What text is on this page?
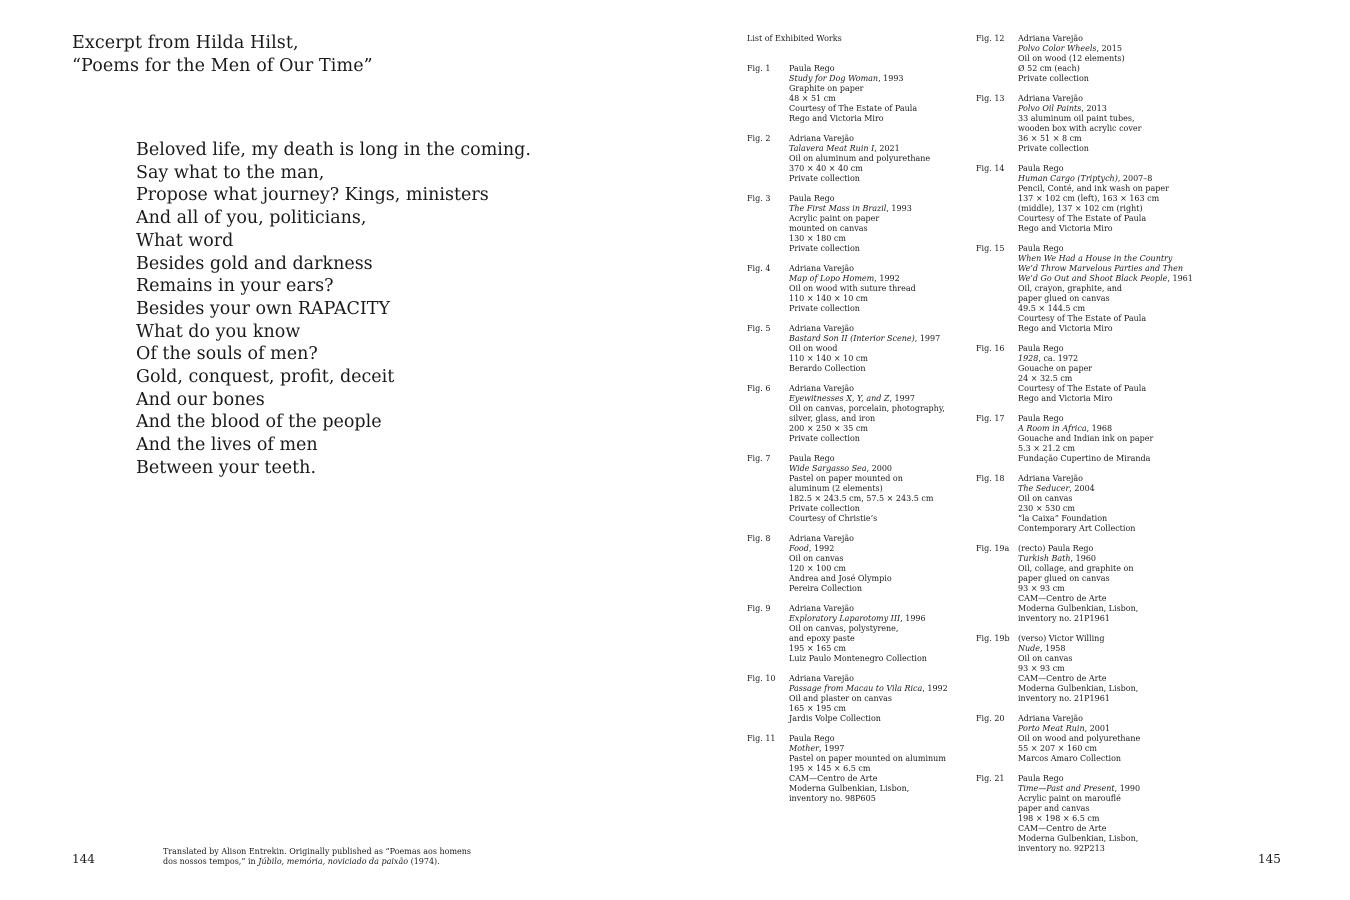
Excerpt from Hilda Hilst,
“Poems for the Men of Our Time”
Beloved life, my death is long in the coming.
Say what to the man,
Propose what journey? Kings, ministers
And all of you, politicians,
What word
Besides gold and darkness
Remains in your ears?
Besides your own RAPACITY
What do you know
Of the souls of men?
Gold, conquest, profit, deceit
And our bones
And the blood of the people
And the lives of men
Between your teeth.
144
Translated by Alison Entrekin. Originally published as “Poemas aos homens
dos nossos tempos,” in Júbilo, memória, noviciado da paixão (1974).
List of Exhibited Works
Fig. 1 Paula Rego
Study for Dog Woman, 1993
Graphite on paper
48 × 51 cm
Courtesy of The Estate of Paula
Rego and Victoria Miro
Fig. 2 Adriana Varejão
Talavera Meat Ruin I, 2021
Oil on aluminum and polyurethane
370 × 40 × 40 cm
Private collection
Fig. 3 Paula Rego
The First Mass in Brazil, 1993
Acrylic paint on paper
mounted on canvas
130 × 180 cm
Private collection
Fig. 4 Adriana Varejão
Map of Lopo Homem, 1992
Oil on wood with suture thread
110 × 140 × 10 cm
Private collection
Fig. 5 Adriana Varejão
Bastard Son II (Interior Scene), 1997
Oil on wood
110 × 140 × 10 cm
Berardo Collection
Fig. 6 Adriana Varejão
Eyewitnesses X, Y, and Z, 1997
Oil on canvas, porcelain, photography,
silver, glass, and iron
200 × 250 × 35 cm
Private collection
Fig. 7 Paula Rego
Wide Sargasso Sea, 2000
Pastel on paper mounted on
aluminum (2 elements)
182.5 × 243.5 cm, 57.5 × 243.5 cm
Private collection
Courtesy of Christie’s
Fig. 8 Adriana Varejão
Food, 1992
Oil on canvas
120 × 100 cm
Andrea and José Olympio
Pereira Collection
Fig. 9 Adriana Varejão
Exploratory Laparotomy III, 1996
Oil on canvas, polystyrene,
and epoxy paste
195 × 165 cm
Luiz Paulo Montenegro Collection
Fig. 10 Adriana Varejão
Passage from Macau to Vila Rica, 1992
Oil and plaster on canvas
165 × 195 cm
Jardis Volpe Collection
Fig. 11 Paula Rego
Mother, 1997
Pastel on paper mounted on aluminum
195 × 145 × 6.5 cm
CAM—Centro de Arte
Moderna Gulbenkian, Lisbon,
inventory no. 98P605
Fig. 12 Adriana Varejão
Polvo Color Wheels, 2015
Oil on wood (12 elements)
Ø 52 cm (each)
Private collection
Fig. 13 Adriana Varejão
Polvo Oil Paints, 2013
33 aluminum oil paint tubes,
wooden box with acrylic cover
36 × 51 × 8 cm
Private collection
Fig. 14 Paula Rego
Human Cargo (Triptych), 2007–8
Pencil, Conté, and ink wash on paper
137 × 102 cm (left), 163 × 163 cm
(middle), 137 × 102 cm (right)
Courtesy of The Estate of Paula
Rego and Victoria Miro
Fig. 15 Paula Rego
When We Had a House in the Country
We’d Throw Marvelous Parties and Then
We’d Go Out and Shoot Black People, 1961
Oil, crayon, graphite, and
paper glued on canvas
49.5 × 144.5 cm
Courtesy of The Estate of Paula
Rego and Victoria Miro
Fig. 16 Paula Rego
1928, ca. 1972
Gouache on paper
24 × 32.5 cm
Courtesy of The Estate of Paula
Rego and Victoria Miro
Fig. 17 Paula Rego
A Room in Africa, 1968
Gouache and Indian ink on paper
5.3 × 21.2 cm
Fundação Cupertino de Miranda
Fig. 18 Adriana Varejão
The Seducer, 2004
Oil on canvas
230 × 530 cm
“la Caixa” Foundation
Contemporary Art Collection
Fig. 19a (recto) Paula Rego
Turkish Bath, 1960
Oil, collage, and graphite on
paper glued on canvas
93 × 93 cm
CAM—Centro de Arte
Moderna Gulbenkian, Lisbon,
inventory no. 21P1961
Fig. 19b (verso) Victor Willing
Nude, 1958
Oil on canvas
93 × 93 cm
CAM—Centro de Arte
Moderna Gulbenkian, Lisbon,
inventory no. 21P1961
Fig. 20 Adriana Varejão
Porto Meat Ruin, 2001
Oil on wood and polyurethane
55 × 207 × 160 cm
Marcos Amaro Collection
Fig. 21 Paula Rego
Time—Past and Present, 1990
Acrylic paint on marouflé
paper and canvas
198 × 198 × 6.5 cm
CAM—Centro de Arte
Moderna Gulbenkian, Lisbon,
inventory no. 92P213
145
